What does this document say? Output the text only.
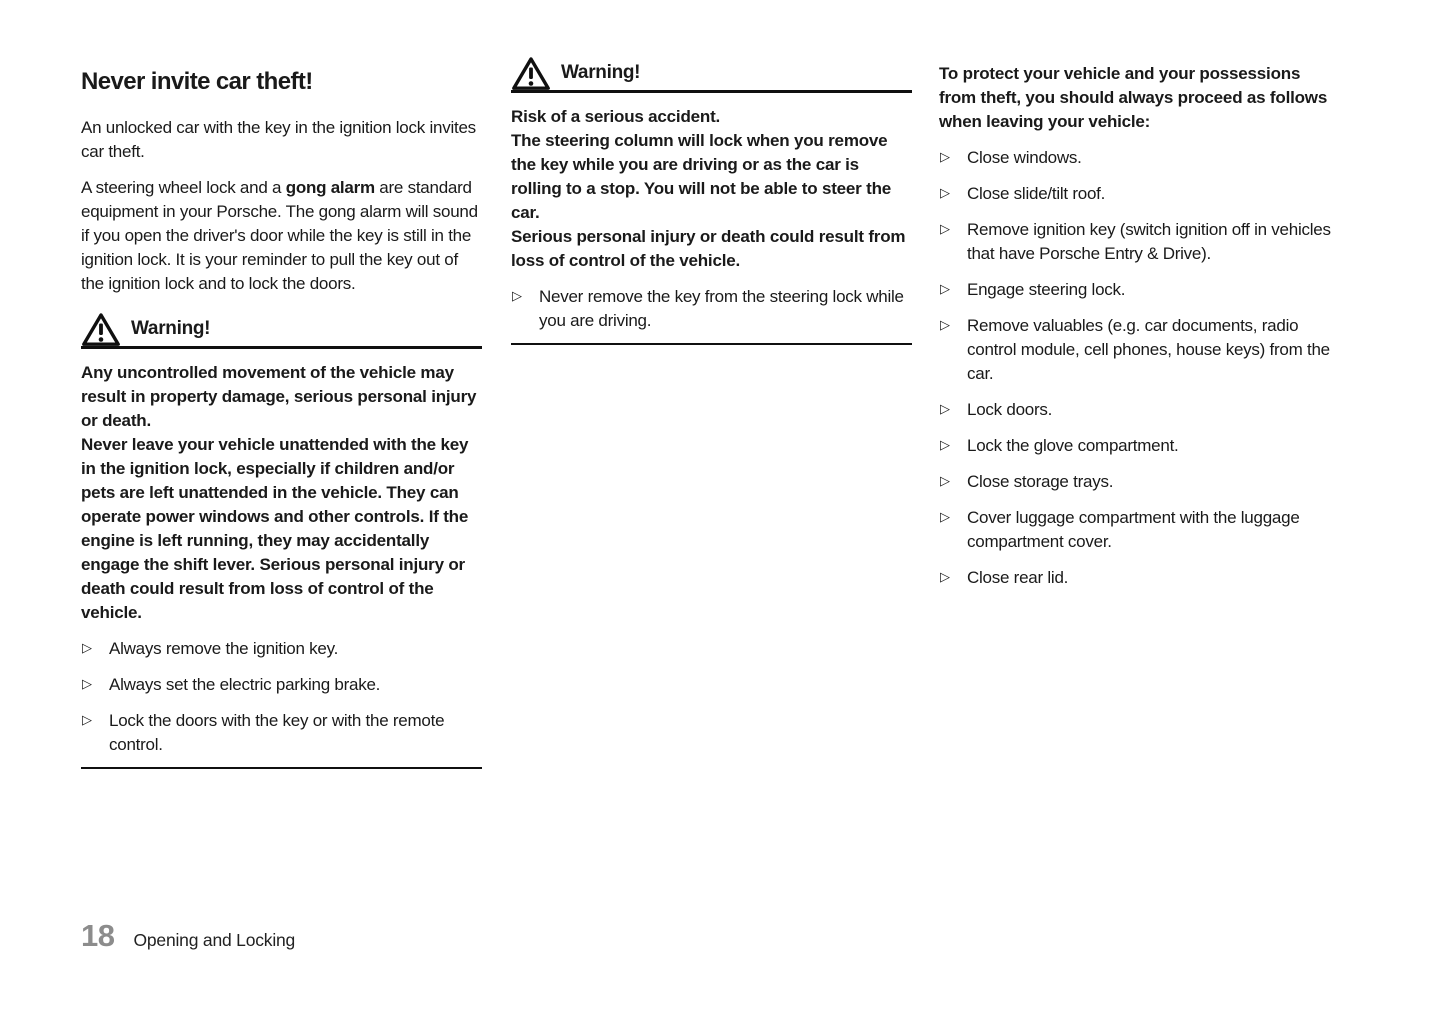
Never invite car theft!
An unlocked car with the key in the ignition lock invites car theft.
A steering wheel lock and a gong alarm are standard equipment in your Porsche. The gong alarm will sound if you open the driver's door while the key is still in the ignition lock. It is your reminder to pull the key out of the ignition lock and to lock the doors.
Warning!
Any uncontrolled movement of the vehicle may result in property damage, serious personal injury or death.
Never leave your vehicle unattended with the key in the ignition lock, especially if children and/or pets are left unattended in the vehicle. They can operate power windows and other controls. If the engine is left running, they may accidentally engage the shift lever. Serious personal injury or death could result from loss of control of the vehicle.
▷ Always remove the ignition key.
▷ Always set the electric parking brake.
▷ Lock the doors with the key or with the remote control.
Warning!
Risk of a serious accident.
The steering column will lock when you remove the key while you are driving or as the car is rolling to a stop. You will not be able to steer the car.
Serious personal injury or death could result from loss of control of the vehicle.
▷ Never remove the key from the steering lock while you are driving.
To protect your vehicle and your possessions from theft, you should always proceed as follows when leaving your vehicle:
▷ Close windows.
▷ Close slide/tilt roof.
▷ Remove ignition key (switch ignition off in vehicles that have Porsche Entry & Drive).
▷ Engage steering lock.
▷ Remove valuables (e.g. car documents, radio control module, cell phones, house keys) from the car.
▷ Lock doors.
▷ Lock the glove compartment.
▷ Close storage trays.
▷ Cover luggage compartment with the luggage compartment cover.
▷ Close rear lid.
18 Opening and Locking
